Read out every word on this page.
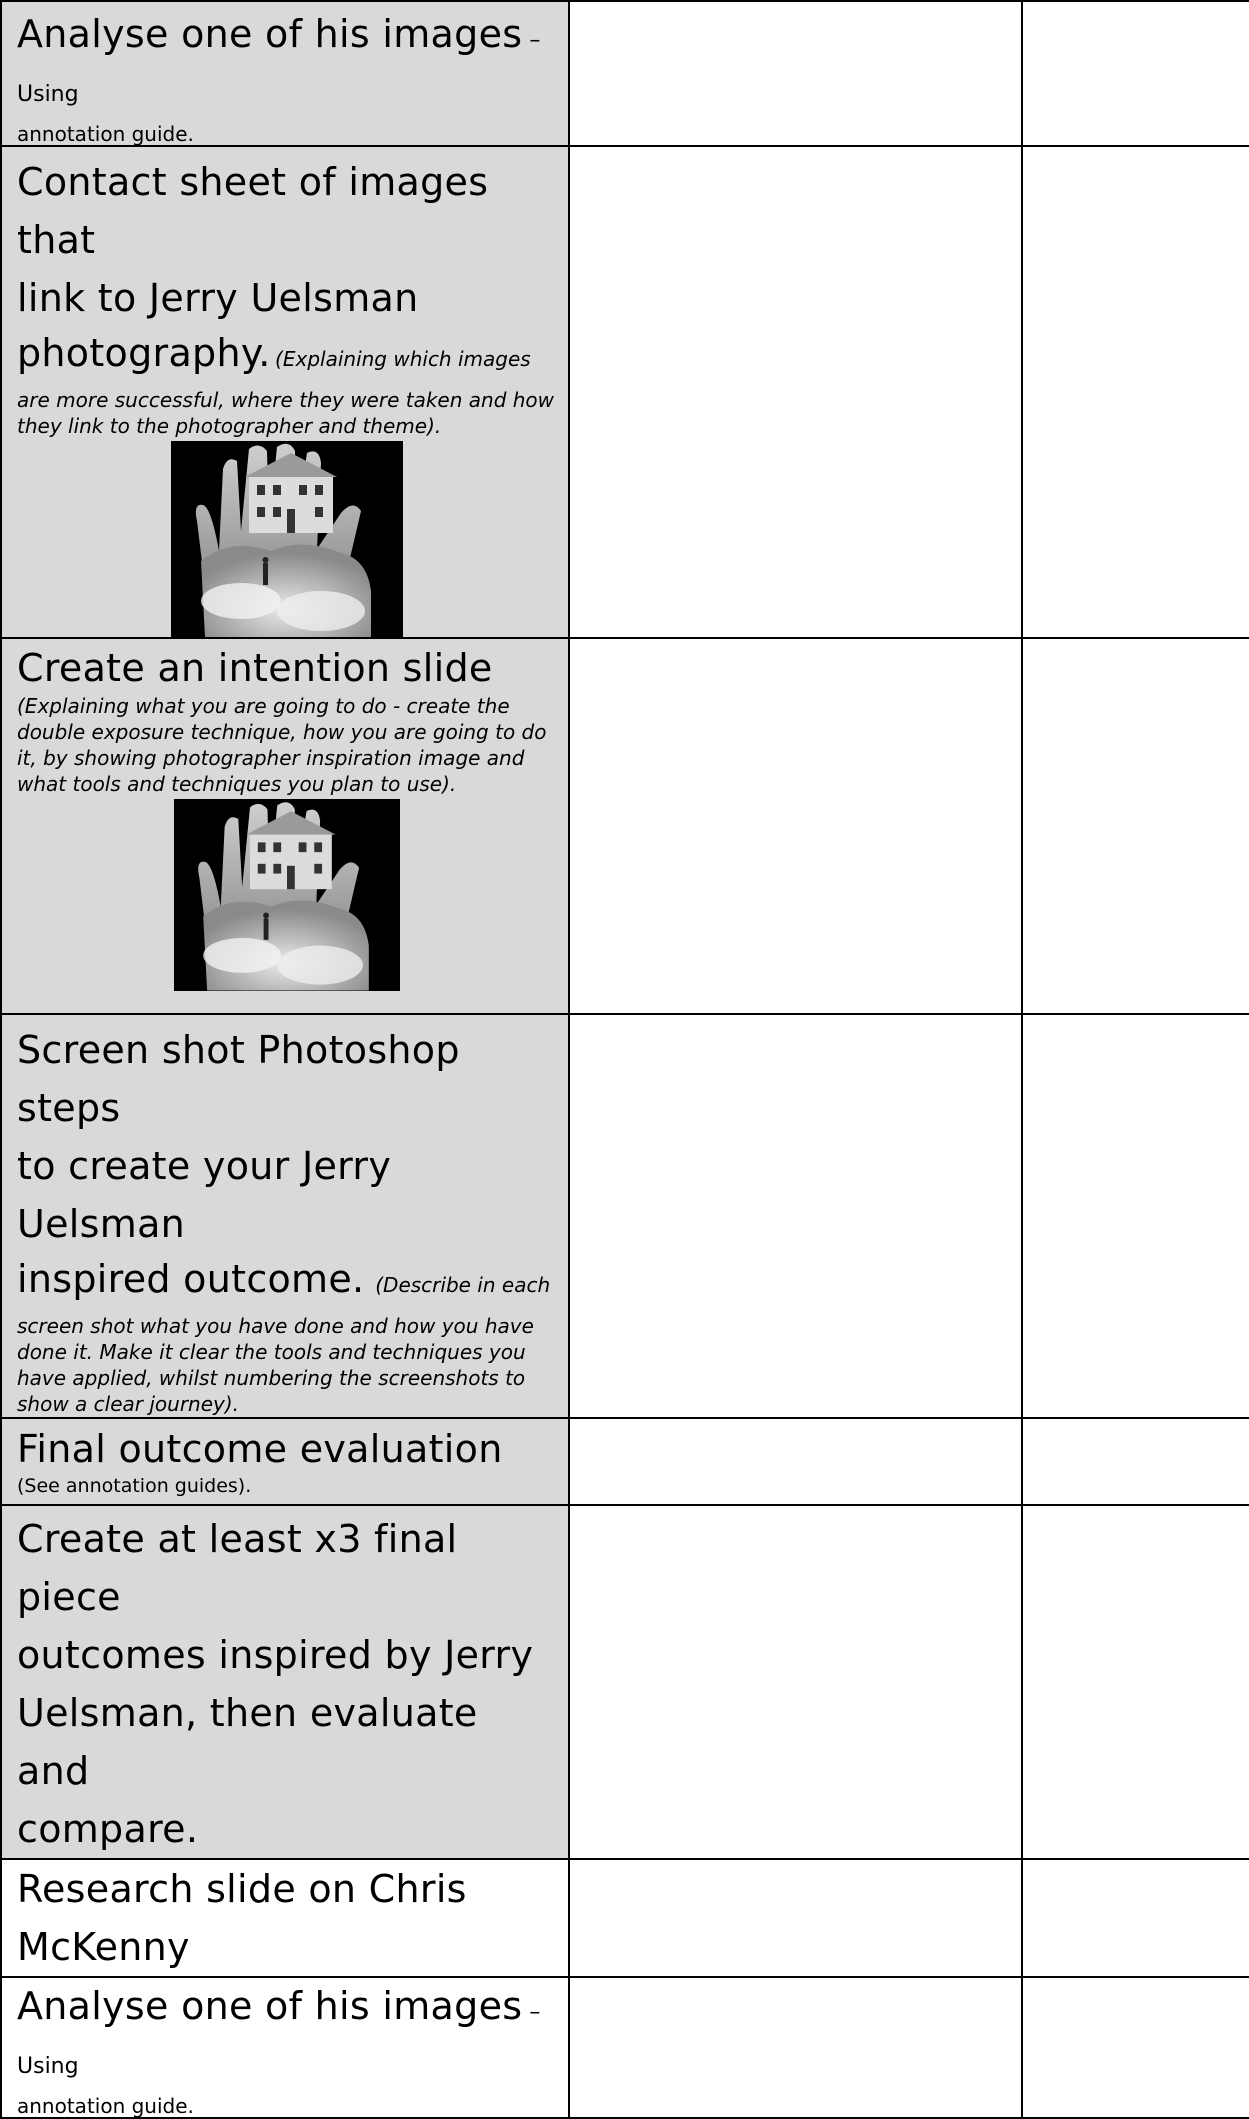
Analyse one of his images – Using
annotation guide.		

Contact sheet of images that
link to Jerry Uelsman
photography. (Explaining which images
are more successful, where they were taken and how they link to the photographer and theme).		

Create an intention slide
(Explaining what you are going to do - create the double exposure technique, how you are going to do it, by showing photographer inspiration image and what tools and techniques you plan to use).		

Screen shot Photoshop steps
to create your Jerry Uelsman
inspired outcome.  (Describe in each
screen shot what you have done and how you have done it. Make it clear the tools and techniques you have applied, whilst numbering the screenshots to show a clear journey).		

Final outcome evaluation
(See annotation guides).		

Create at least x3 final piece
outcomes inspired by Jerry
Uelsman, then evaluate and
compare.		

Research slide on Chris
McKenny		

Analyse one of his images – Using
annotation guide.		
